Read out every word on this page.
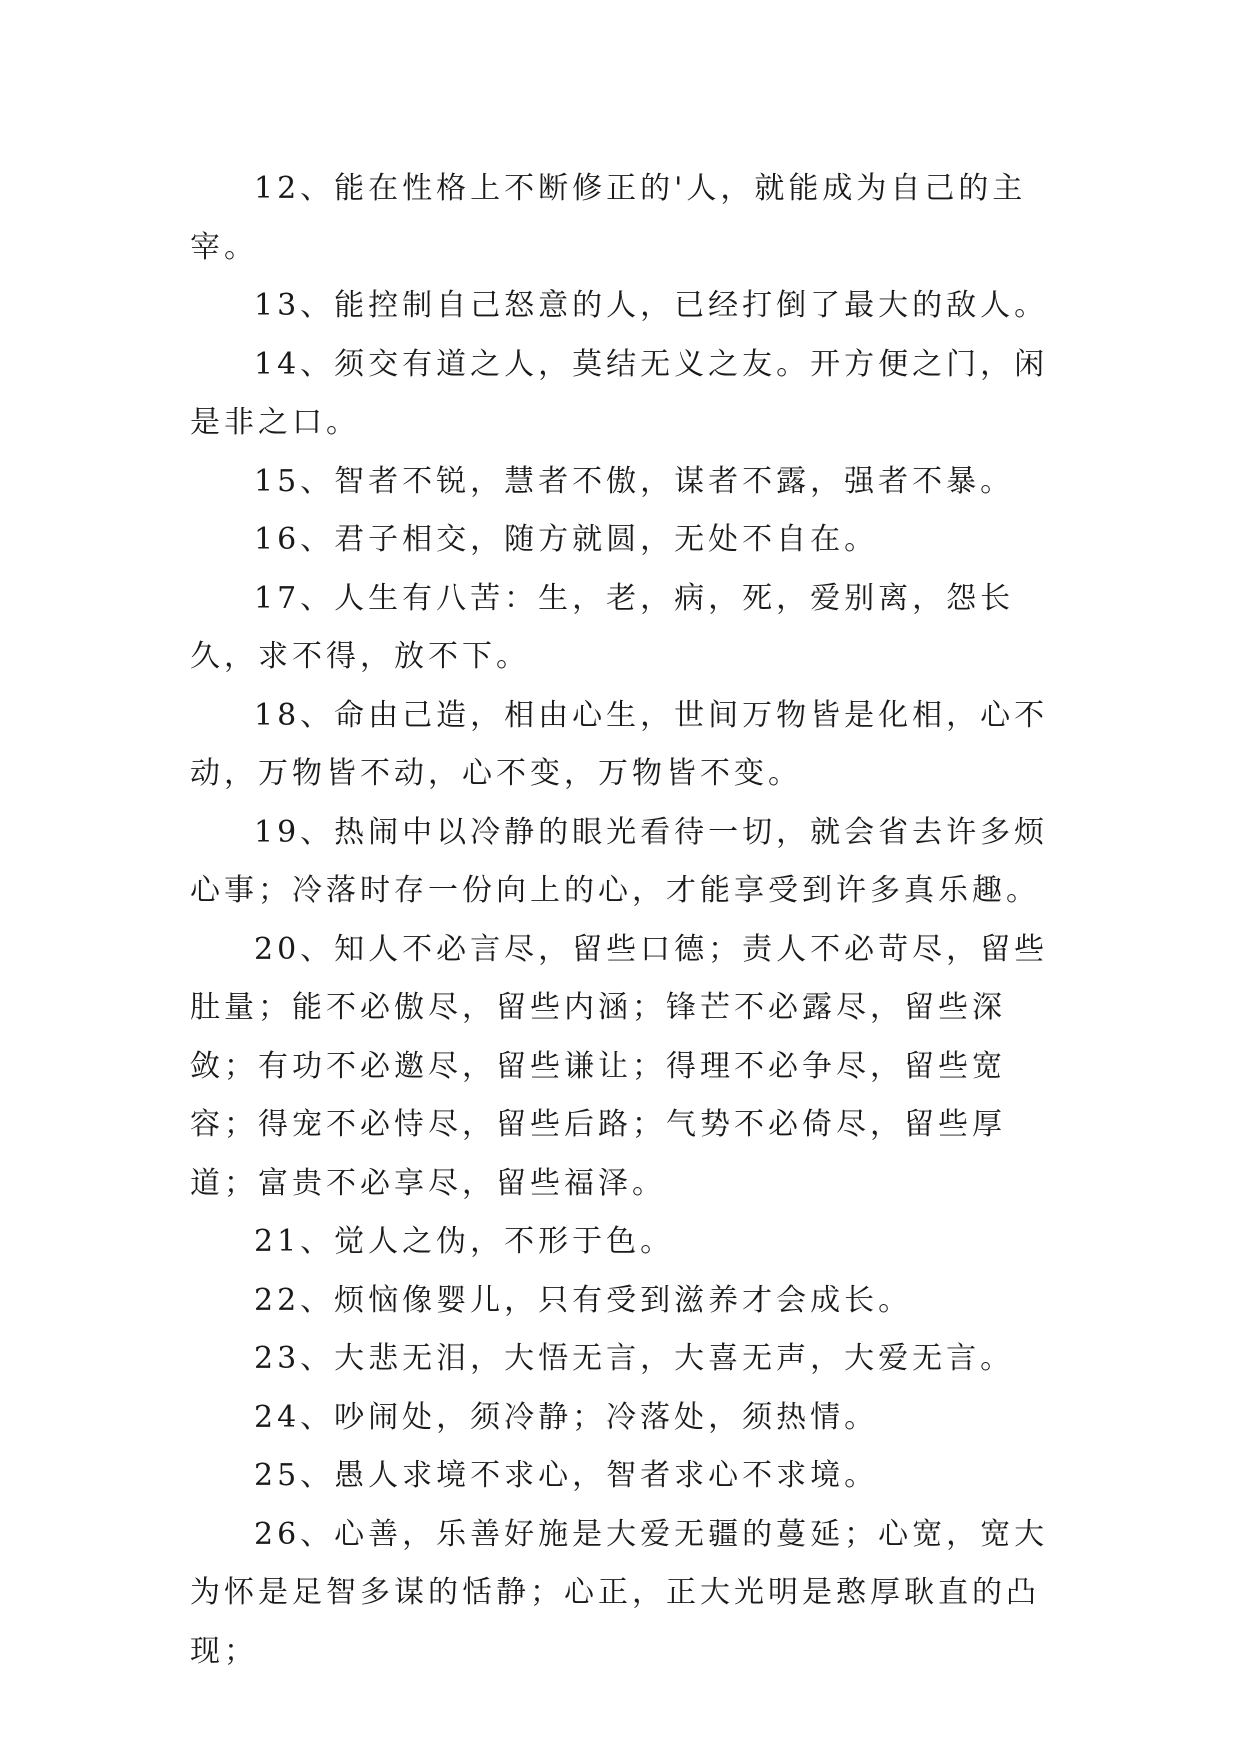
12、能在性格上不断修正的'人，就能成为自己的主宰。

13、能控制自己怒意的人，已经打倒了最大的敌人。

14、须交有道之人，莫结无义之友。开方便之门，闲是非之口。

15、智者不锐，慧者不傲，谋者不露，强者不暴。

16、君子相交，随方就圆，无处不自在。

17、人生有八苦：生，老，病，死，爱别离，怨长久，求不得，放不下。

18、命由己造，相由心生，世间万物皆是化相，心不动，万物皆不动，心不变，万物皆不变。

19、热闹中以冷静的眼光看待一切，就会省去许多烦心事；冷落时存一份向上的心，才能享受到许多真乐趣。

20、知人不必言尽，留些口德；责人不必苛尽，留些肚量；能不必傲尽，留些内涵；锋芒不必露尽，留些深敛；有功不必邀尽，留些谦让；得理不必争尽，留些宽容；得宠不必恃尽，留些后路；气势不必倚尽，留些厚道；富贵不必享尽，留些福泽。

21、觉人之伪，不形于色。

22、烦恼像婴儿，只有受到滋养才会成长。

23、大悲无泪，大悟无言，大喜无声，大爱无言。

24、吵闹处，须冷静；冷落处，须热情。

25、愚人求境不求心，智者求心不求境。

26、心善，乐善好施是大爱无疆的蔓延；心宽，宽大为怀是足智多谋的恬静；心正，正大光明是憨厚耿直的凸现；
